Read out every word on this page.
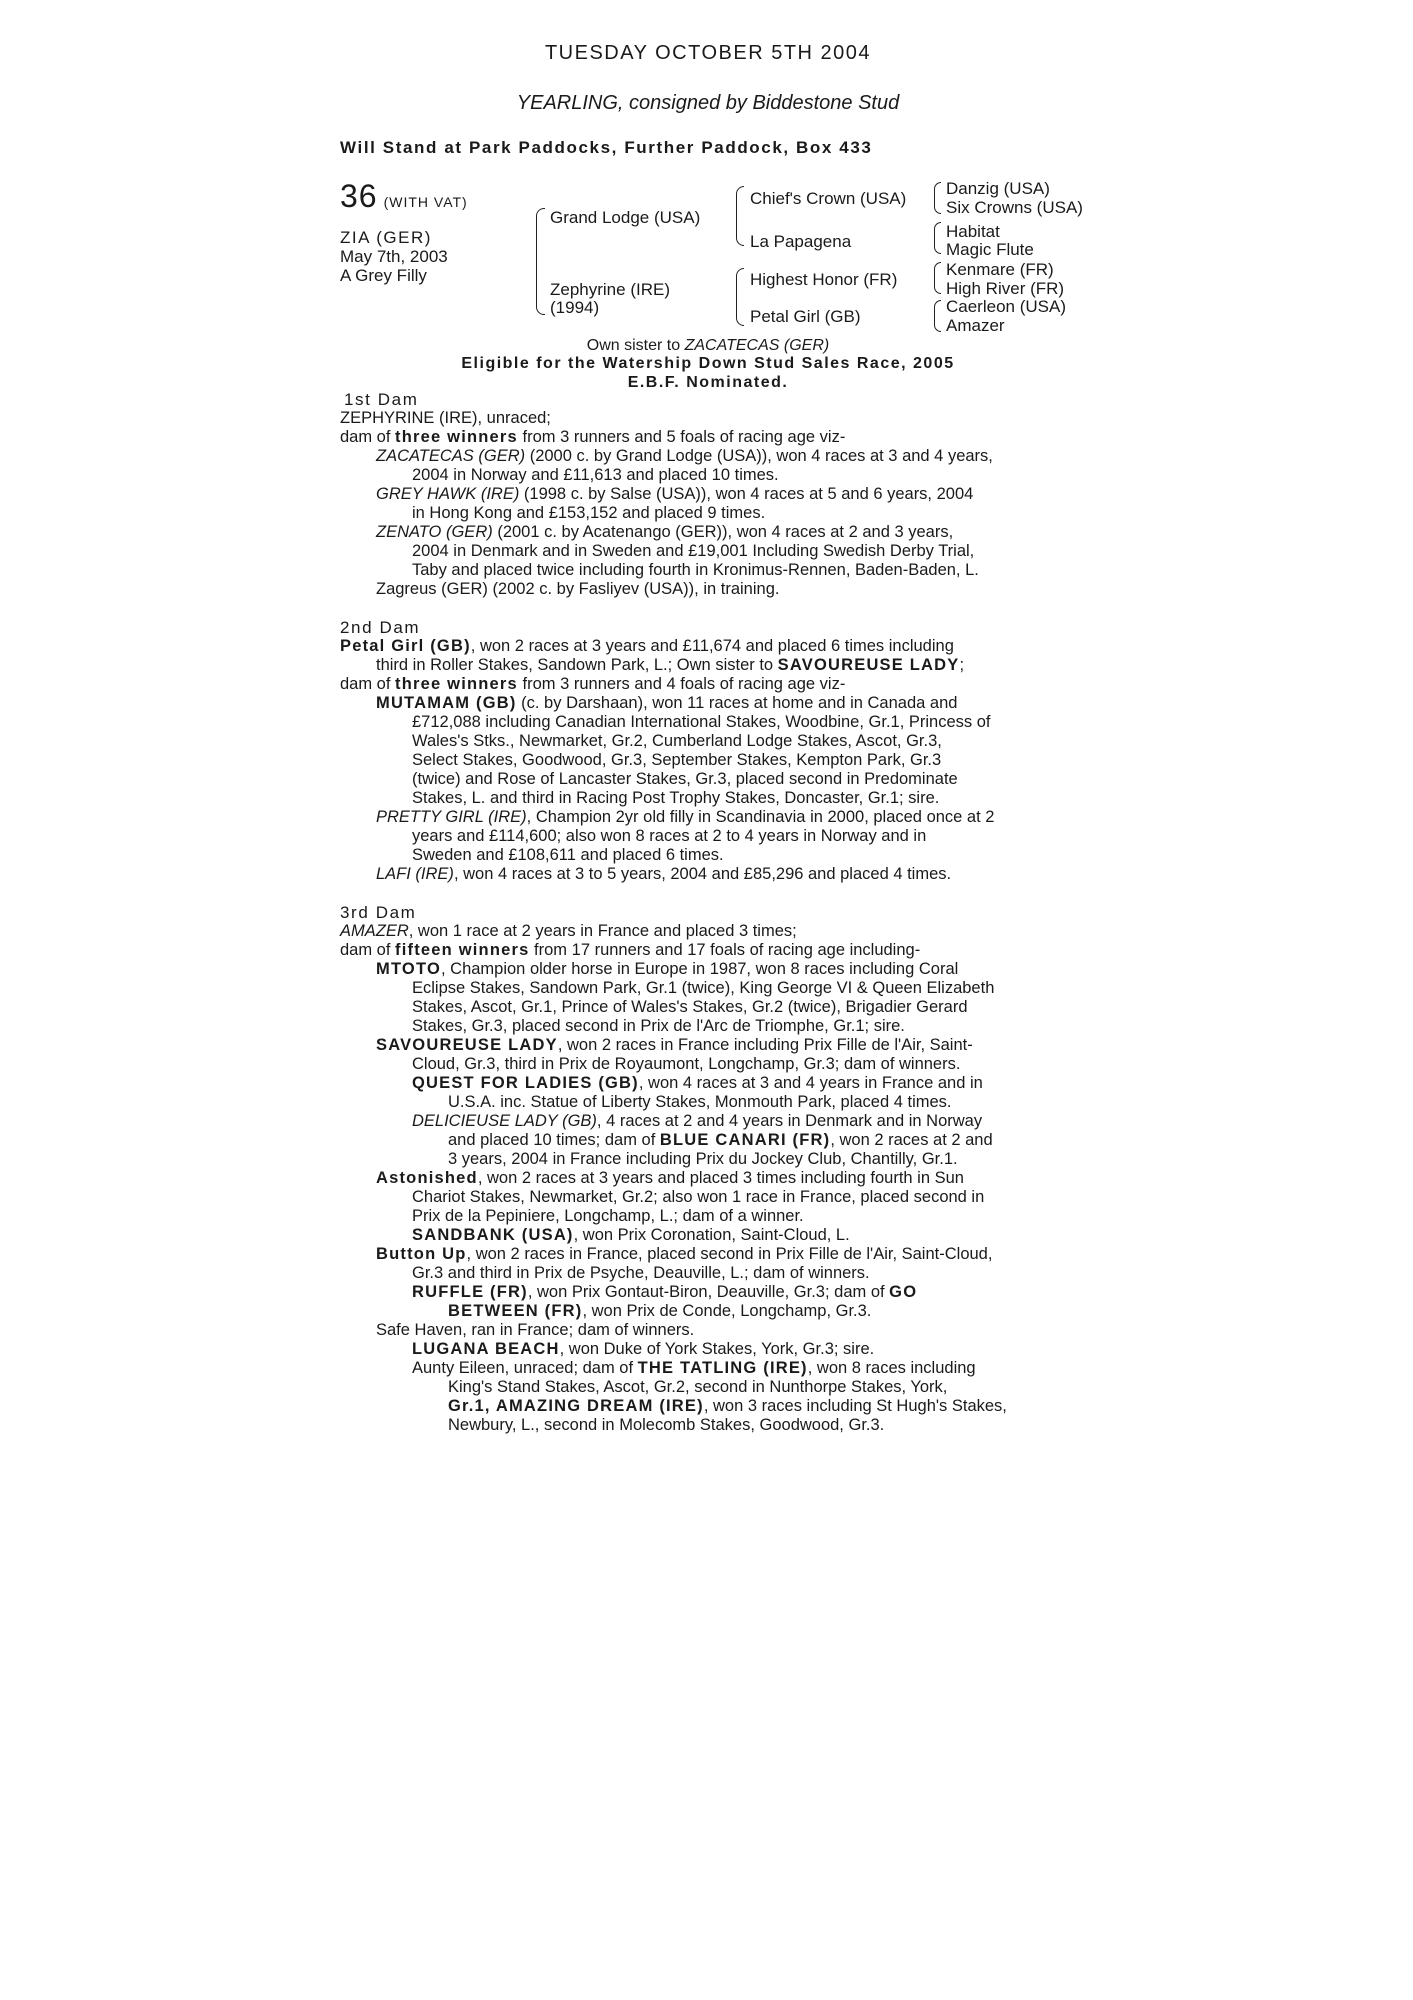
TUESDAY OCTOBER 5TH 2004
YEARLING, consigned by Biddestone Stud
Will Stand at Park Paddocks, Further Paddock, Box 433
36 (WITH VAT)
ZIA (GER)
May 7th, 2003
A Grey Filly
Grand Lodge (USA)
Zephyrine (IRE)
(1994)
Chief's Crown (USA)
La Papagena
Highest Honor (FR)
Petal Girl (GB)
Danzig (USA)
Six Crowns (USA)
Habitat
Magic Flute
Kenmare (FR)
High River (FR)
Caerleon (USA)
Amazer
Own sister to ZACATECAS (GER)
Eligible for the Watership Down Stud Sales Race, 2005
E.B.F. Nominated.

1st Dam

ZEPHYRINE (IRE), unraced;

dam of three winners from 3 runners and 5 foals of racing age viz-

ZACATECAS (GER) (2000 c. by Grand Lodge (USA)), won 4 races at 3 and 4 years,

2004 in Norway and £11,613 and placed 10 times.

GREY HAWK (IRE) (1998 c. by Salse (USA)), won 4 races at 5 and 6 years, 2004

in Hong Kong and £153,152 and placed 9 times.

ZENATO (GER) (2001 c. by Acatenango (GER)), won 4 races at 2 and 3 years,

2004 in Denmark and in Sweden and £19,001 Including Swedish Derby Trial,

Taby and placed twice including fourth in Kronimus-Rennen, Baden-Baden, L.

Zagreus (GER) (2002 c. by Fasliyev (USA)), in training.

2nd Dam

Petal Girl (GB), won 2 races at 3 years and £11,674 and placed 6 times including

third in Roller Stakes, Sandown Park, L.; Own sister to SAVOUREUSE LADY;

dam of three winners from 3 runners and 4 foals of racing age viz-

MUTAMAM (GB) (c. by Darshaan), won 11 races at home and in Canada and

£712,088 including Canadian International Stakes, Woodbine, Gr.1, Princess of

Wales's Stks., Newmarket, Gr.2, Cumberland Lodge Stakes, Ascot, Gr.3,

Select Stakes, Goodwood, Gr.3, September Stakes, Kempton Park, Gr.3

(twice) and Rose of Lancaster Stakes, Gr.3, placed second in Predominate

Stakes, L. and third in Racing Post Trophy Stakes, Doncaster, Gr.1; sire.

PRETTY GIRL (IRE), Champion 2yr old filly in Scandinavia in 2000, placed once at 2

years and £114,600; also won 8 races at 2 to 4 years in Norway and in

Sweden and £108,611 and placed 6 times.

LAFI (IRE), won 4 races at 3 to 5 years, 2004 and £85,296 and placed 4 times.

3rd Dam

AMAZER, won 1 race at 2 years in France and placed 3 times;

dam of fifteen winners from 17 runners and 17 foals of racing age including-

MTOTO, Champion older horse in Europe in 1987, won 8 races including Coral

Eclipse Stakes, Sandown Park, Gr.1 (twice), King George VI & Queen Elizabeth

Stakes, Ascot, Gr.1, Prince of Wales's Stakes, Gr.2 (twice), Brigadier Gerard

Stakes, Gr.3, placed second in Prix de l'Arc de Triomphe, Gr.1; sire.

SAVOUREUSE LADY, won 2 races in France including Prix Fille de l'Air, Saint-

Cloud, Gr.3, third in Prix de Royaumont, Longchamp, Gr.3; dam of winners.

QUEST FOR LADIES (GB), won 4 races at 3 and 4 years in France and in

U.S.A. inc. Statue of Liberty Stakes, Monmouth Park, placed 4 times.

DELICIEUSE LADY (GB), 4 races at 2 and 4 years in Denmark and in Norway

and placed 10 times; dam of BLUE CANARI (FR), won 2 races at 2 and

3 years, 2004 in France including Prix du Jockey Club, Chantilly, Gr.1.

Astonished, won 2 races at 3 years and placed 3 times including fourth in Sun

Chariot Stakes, Newmarket, Gr.2; also won 1 race in France, placed second in

Prix de la Pepiniere, Longchamp, L.; dam of a winner.

SANDBANK (USA), won Prix Coronation, Saint-Cloud, L.

Button Up, won 2 races in France, placed second in Prix Fille de l'Air, Saint-Cloud,

Gr.3 and third in Prix de Psyche, Deauville, L.; dam of winners.

RUFFLE (FR), won Prix Gontaut-Biron, Deauville, Gr.3; dam of GO

BETWEEN (FR), won Prix de Conde, Longchamp, Gr.3.

Safe Haven, ran in France; dam of winners.

LUGANA BEACH, won Duke of York Stakes, York, Gr.3; sire.

Aunty Eileen, unraced; dam of THE TATLING (IRE), won 8 races including

King's Stand Stakes, Ascot, Gr.2, second in Nunthorpe Stakes, York,

Gr.1, AMAZING DREAM (IRE), won 3 races including St Hugh's Stakes,

Newbury, L., second in Molecomb Stakes, Goodwood, Gr.3.
